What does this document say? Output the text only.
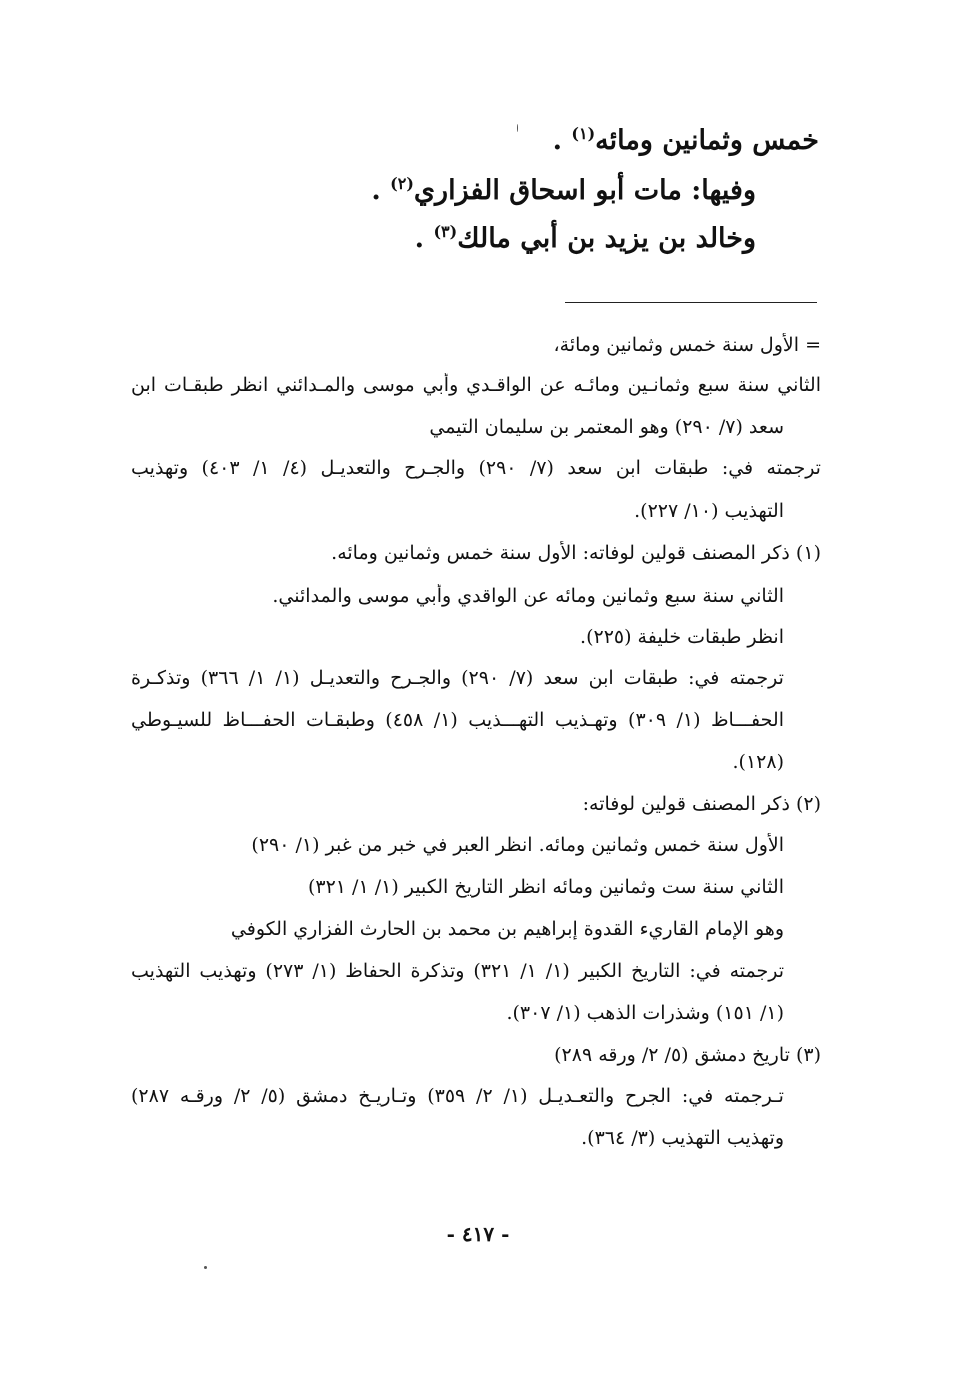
خمس وثمانين ومائه$^{(١)}$ .
وفيها: مات أبو اسحاق الفزاري$^{(٢)}$ .
وخالد بن يزيد بن أبي مالك$^{(٣)}$ .
= الأول سنة خمس وثمانين ومائة،
الثاني سنة سبع وثمانـين ومائـه عن الواقـدي وأبي موسى والمـدائني انظر طبقـات ابن
سعد (٧/ ٢٩٠) وهو المعتمر بن سليمان التيمي
ترجمته في: طبقات ابن سعد (٧/ ٢٩٠) والجـرح والتعديـل (٤/ ١/ ٤٠٣) وتهذيب
التهذيب (١٠/ ٢٢٧).
(١) ذكر المصنف قولين لوفاته: الأول سنة خمس وثمانين ومائه.
الثاني سنة سبع وثمانين ومائه عن الواقدي وأبي موسى والمدائني.
انظر طبقات خليفة (٢٢٥).
ترجمته في: طبقات ابن سعد (٧/ ٢٩٠) والجـرح والتعديـل (١/ ١/ ٣٦٦) وتذكـرة
الحفـــاظ (١/ ٣٠٩) وتهـذيب التهـــذيب (١/ ٤٥٨) وطبقـات الحفـــاظ للسيـوطي
(١٢٨).
(٢) ذكر المصنف قولين لوفاته:
الأول سنة خمس وثمانين ومائه. انظر العبر في خبر من غبر (١/ ٢٩٠)
الثاني سنة ست وثمانين ومائه انظر التاريخ الكبير (١/ ١/ ٣٢١)
وهو الإمام القاريء القدوة إبراهيم بن محمد بن الحارث الفزاري الكوفي
ترجمته في: التاريخ الكبير (١/ ١/ ٣٢١) وتذكرة الحفاظ (١/ ٢٧٣) وتهذيب التهذيب
(١/ ١٥١) وشذرات الذهب (١/ ٣٠٧).
(٣) تاريخ دمشق (٥/ ٢/ ورقه ٢٨٩)
تـرجمته في: الجرح والتعـديـل (١/ ٢/ ٣٥٩) وتـاريـخ دمشق (٥/ ٢/ ورقـه ٢٨٧)
وتهذيب التهذيب (٣/ ٣٦٤).
- ٤١٧ -
